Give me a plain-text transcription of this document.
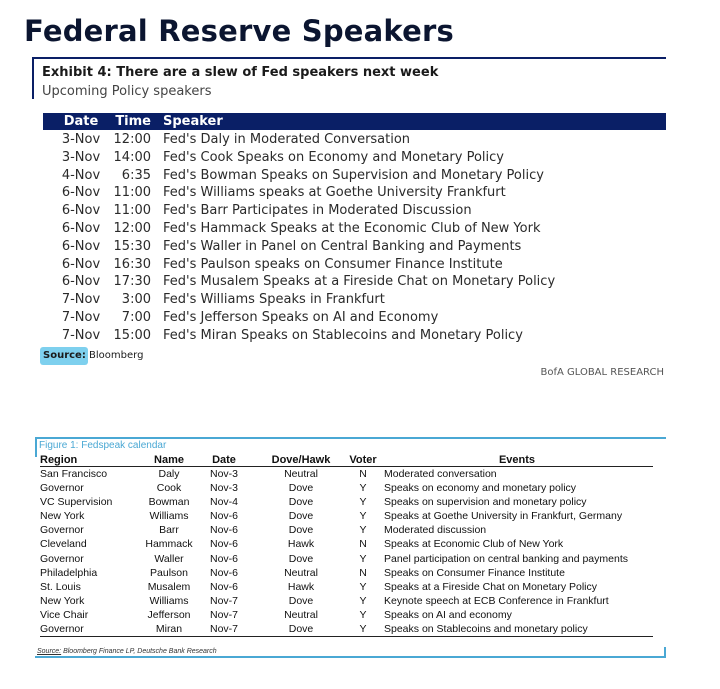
Federal Reserve Speakers
Exhibit 4: There are a slew of Fed speakers next week
Upcoming Policy speakers
Date	Time Speaker
3-Nov	12:00 Fed's Daly in Moderated Conversation
3-Nov	14:00 Fed's Cook Speaks on Economy and Monetary Policy
4-Nov	6:35 Fed's Bowman Speaks on Supervision and Monetary Policy
6-Nov	11:00 Fed's Williams speaks at Goethe University Frankfurt
6-Nov	11:00 Fed's Barr Participates in Moderated Discussion
6-Nov	12:00 Fed's Hammack Speaks at the Economic Club of New York
6-Nov	15:30 Fed's Waller in Panel on Central Banking and Payments
6-Nov	16:30 Fed's Paulson speaks on Consumer Finance Institute
6-Nov	17:30 Fed's Musalem Speaks at a Fireside Chat on Monetary Policy
7-Nov	3:00 Fed's Williams Speaks in Frankfurt
7-Nov	7:00 Fed's Jefferson Speaks on AI and Economy
7-Nov	15:00 Fed's Miran Speaks on Stablecoins and Monetary Policy
Source: Bloomberg
BofA GLOBAL RESEARCH
Figure 1: Fedspeak calendar
Region	Name	Date	Dove/Hawk	Voter	Events
San Francisco	Daly	Nov-3	Neutral	N	Moderated conversation
Governor	Cook	Nov-3	Dove	Y	Speaks on economy and monetary policy
VC Supervision	Bowman	Nov-4	Dove	Y	Speaks on supervision and monetary policy
New York	Williams	Nov-6	Dove	Y	Speaks at Goethe University in Frankfurt, Germany
Governor	Barr	Nov-6	Dove	Y	Moderated discussion
Cleveland	Hammack	Nov-6	Hawk	N	Speaks at Economic Club of New York
Governor	Waller	Nov-6	Dove	Y	Panel participation on central banking and payments
Philadelphia	Paulson	Nov-6	Neutral	N	Speaks on Consumer Finance Institute
St. Louis	Musalem	Nov-6	Hawk	Y	Speaks at a Fireside Chat on Monetary Policy
New York	Williams	Nov-7	Dove	Y	Keynote speech at ECB Conference in Frankfurt
Vice Chair	Jefferson	Nov-7	Neutral	Y	Speaks on AI and economy
Governor	Miran	Nov-7	Dove	Y	Speaks on Stablecoins and monetary policy
Source: Bloomberg Finance LP, Deutsche Bank Research
